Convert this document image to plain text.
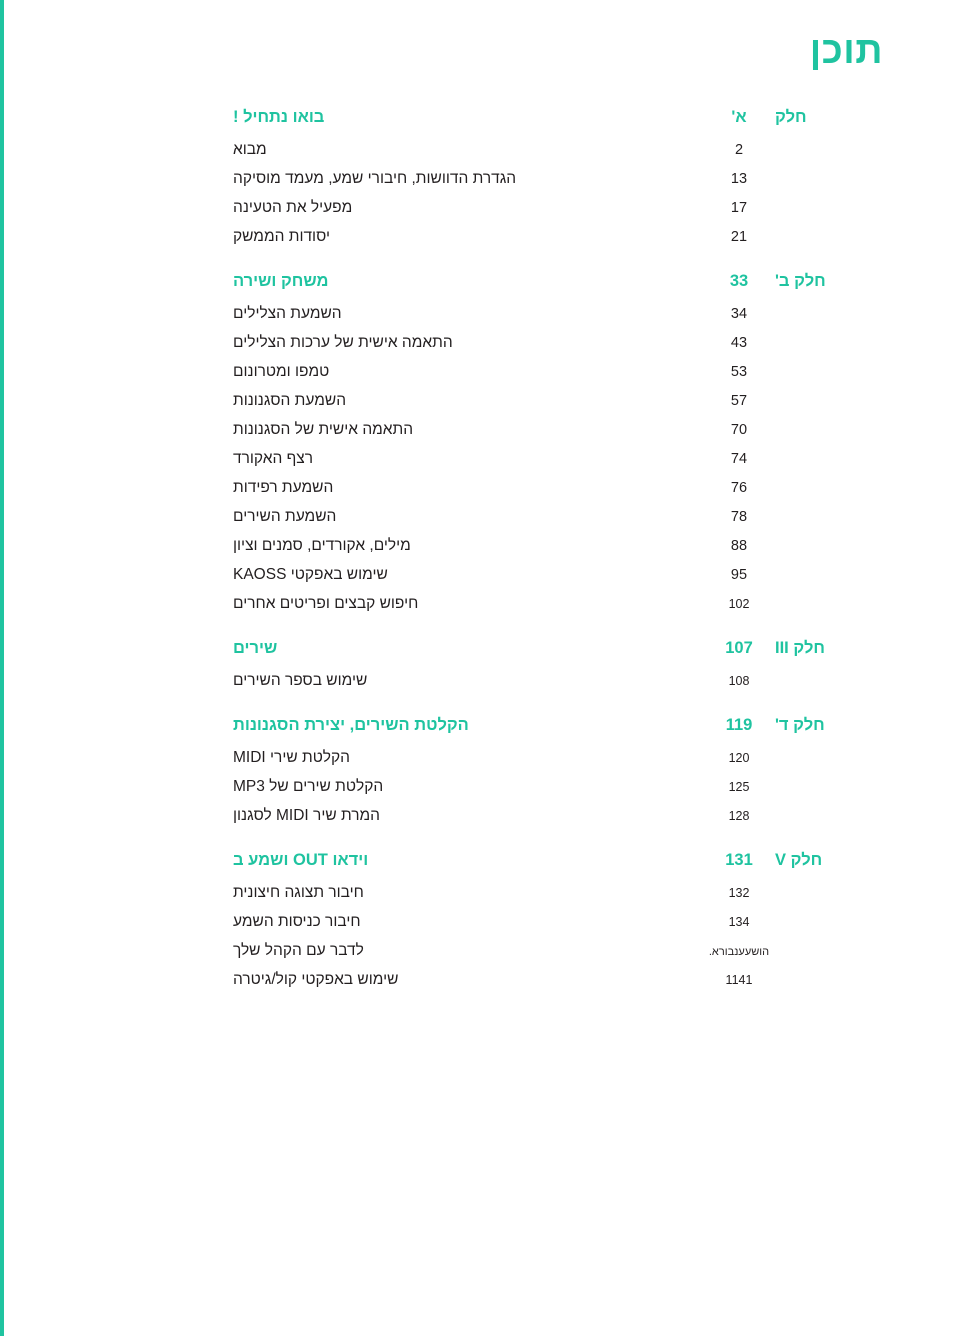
תוכן
חלק
א'
בואו נתחיל !
2
מבוא
13
הגדרת הדוושות, חיבורי שמע, מעמד מוסיקה
17
מפעיל את הטעינה
21
יסודות הממשק
חלק ב'
33
משחק ושירה
34
השמעת הצלילים
43
התאמה אישית של ערכות הצלילים
53
טמפו ומטרונום
57
השמעת הסגנונות
70
התאמה אישית של הסגנונות
74
רצף האקורד
76
השמעת רפידות
78
השמעת השירים
88
מילים, אקורדים, סמנים וציון
95
שימוש באפקטי KAOSS
102
חיפוש קבצים ופריטים אחרים
חלק III
107
שירים
108
שימוש בספר השירים
חלק ד'
119
הקלטת השירים, יצירת הסגנונות
120
הקלטת שירי MIDI
125
הקלטת שירים של MP3
128
המרת שיר MIDI לסגנון
חלק V
131
וידאו OUT ושמע ב
132
חיבור תצוגה חיצונית
134
חיבור כניסות השמע
הושעענבורא.
לדבר עם הקהל שלך
1141
שימוש באפקטי קול/גיטרה
